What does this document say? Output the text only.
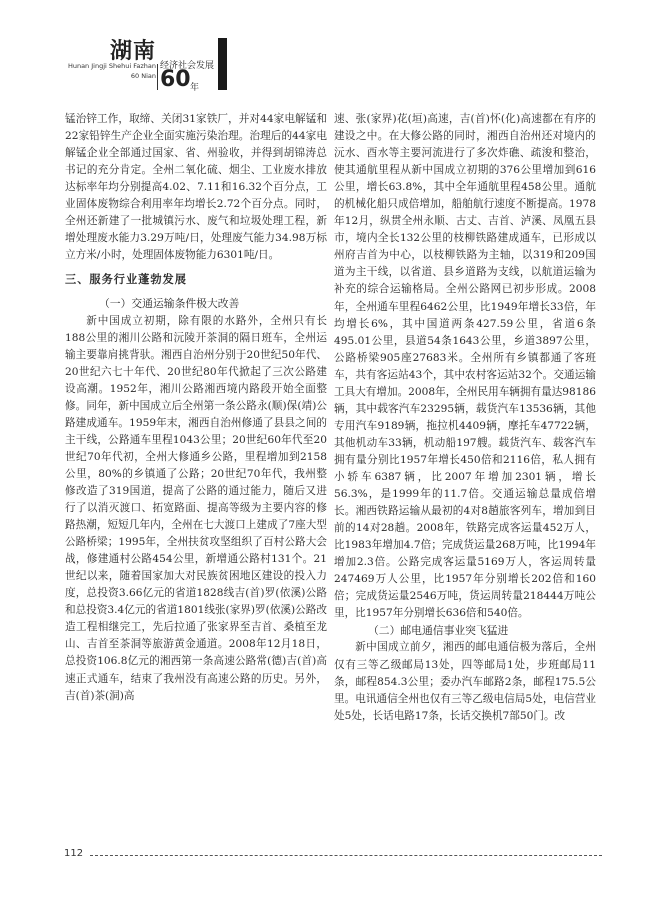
湖南
Hunan Jingji Shehui Fazhan
60 Nian
经济社会发展
60 年

锰治锌工作，取缔、关闭31家铁厂，并对44家电解锰和22家铅锌生产企业全面实施污染治理。治理后的44家电解锰企业全部通过国家、省、州验收，并得到胡锦涛总书记的充分肯定。全州二氧化硫、烟尘、工业废水排放达标率年均分别提高4.02、7.11和16.32个百分点，工业固体废物综合利用率年均增长2.72个百分点。同时，全州还新建了一批城镇污水、废气和垃圾处理工程，新增处理废水能力3.29万吨/日，处理废气能力34.98万标立方米/小时，处理固体废物能力6301吨/日。

三、服务行业蓬勃发展

（一）交通运输条件极大改善

新中国成立初期，除有限的水路外，全州只有长188公里的湘川公路和沅陵开茶洞的隔日班车，全州运输主要靠肩挑背驮。湘西自治州分别于20世纪50年代、20世纪六七十年代、20世纪80年代掀起了三次公路建设高潮。1952年，湘川公路湘西境内路段开始全面整修。同年，新中国成立后全州第一条公路永(顺)保(靖)公路建成通车。1959年末，湘西自治州修通了县县之间的主干线，公路通车里程1043公里；20世纪60年代至20世纪70年代初，全州大修通乡公路，里程增加到2158公里，80%的乡镇通了公路；20世纪70年代，我州整修改造了319国道，提高了公路的通过能力，随后又进行了以消灭渡口、拓宽路面、提高等级为主要内容的修路热潮，短短几年内，全州在七大渡口上建成了7座大型公路桥梁；1995年，全州扶贫攻坚组织了百村公路大会战，修建通村公路454公里，新增通公路村131个。21世纪以来，随着国家加大对民族贫困地区建设的投入力度，总投资3.66亿元的省道1828线吉(首)罗(依溪)公路和总投资3.4亿元的省道1801线张(家界)罗(依溪)公路改造工程相继完工，先后拉通了张家界至吉首、桑植至龙山、吉首至茶洞等旅游黄金通道。2008年12月18日，总投资106.8亿元的湘西第一条高速公路常(德)吉(首)高速正式通车，结束了我州没有高速公路的历史。另外，吉(首)茶(洞)高

速、张(家界)花(垣)高速，吉(首)怀(化)高速都在有序的建设之中。在大修公路的同时，湘西自治州还对境内的沅水、酉水等主要河流进行了多次炸礁、疏浚和整治，使其通航里程从新中国成立初期的376公里增加到616公里，增长63.8%，其中全年通航里程458公里。通航的机械化船只成倍增加，船舶航行速度不断提高。1978年12月，纵贯全州永顺、古丈、吉首、泸溪、凤凰五县市，境内全长132公里的枝柳铁路建成通车，已形成以州府吉首为中心，以枝柳铁路为主轴，以319和209国道为主干线，以省道、县乡道路为支线，以航道运输为补充的综合运输格局。全州公路网已初步形成。2008年，全州通车里程6462公里，比1949年增长33倍，年均增长6%，其中国道两条427.59公里，省道6条495.01公里，县道54条1643公里，乡道3897公里，公路桥梁905座27683米。全州所有乡镇都通了客班车，共有客运站43个，其中农村客运站32个。交通运输工具大有增加。2008年，全州民用车辆拥有量达98186辆，其中载客汽车23295辆，载货汽车13536辆，其他专用汽车9189辆，拖拉机4409辆，摩托车47722辆，其他机动车33辆，机动船197艘。载货汽车、载客汽车拥有量分别比1957年增长450倍和2116倍，私人拥有小轿车6387辆，比2007年增加2301辆，增长56.3%，是1999年的11.7倍。交通运输总量成倍增长。湘西铁路运输从最初的4对8趟旅客列车，增加到目前的14对28趟。2008年，铁路完成客运量452万人，比1983年增加4.7倍；完成货运量268万吨，比1994年增加2.3倍。公路完成客运量5169万人，客运周转量247469万人公里，比1957年分别增长202倍和160倍；完成货运量2546万吨，货运周转量218444万吨公里，比1957年分别增长636倍和540倍。

（二）邮电通信事业突飞猛进

新中国成立前夕，湘西的邮电通信极为落后，全州仅有三等乙级邮局13处，四等邮局1处，步班邮局11条，邮程854.3公里；委办汽车邮路2条，邮程175.5公里。电讯通信全州也仅有三等乙级电信局5处，电信营业处5处，长话电路17条，长话交换机7部50门。改

112
